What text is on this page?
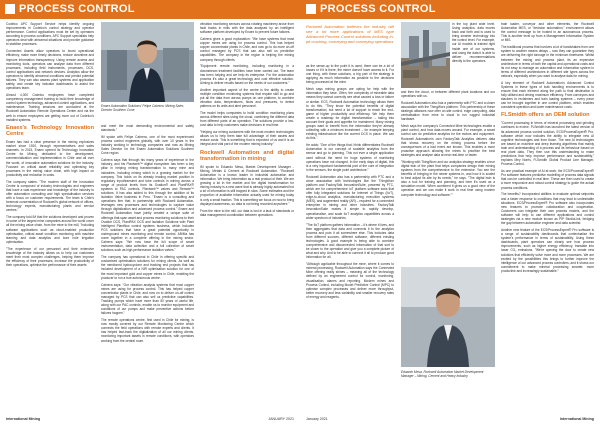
PROCESS CONTROL

Codelco APC Support Service helps identify ongoing improvements in Codelco's control strategy and operator performance. Control applications must be set by operators according to process conditions. APC Support specialists help operators deal with abnormal situations and provide guidance to stabilize processes.

Connected Assets allow operators to boost operational efficiency, make more timely decisions, reduce downtime and improve information transparency. Using remote access and monitoring tools, operators can analyse data from different processes, including field instruments, processes, DCS, control applications and network devices. Analytics allow the operators to identify abnormal conditions and predict potential failures. They can also assess plant systems and application safety, and create key indicator dashboards to assist the operations team.

Almost 4,000 Codelco employees have completed competency management training to build their knowledge of control system technology, advanced control applications, and maintenance. Training sessions are conducted at the Rockwell Automation Remote Operations Center and via the web to ensure employees are getting more out of Codelco's installed systems.

Enaex's Technology Innovation Centre

Enaex has had a clear presence in the mining explosives market since 1920, through representatives and sales channels. In 2015, Enaex opened its Technology Innovation Centre for Mining, dedicated to the development, commercialization and implementation in Chile and all over the world, of innovative automation solutions for the industry. Focused on critical asset reliability and optimising key processes in the mining value chain, with high impact on productivity and reduction in costs.

The company states: "The modern staff of the Innovation Centre is composed of industry technologists and engineers that have a vast experience and knowledge of the industry to offer automation consulting and high specialisation services with a focus on customer requirements. The team is Chile's foremost concentration of Rockwell's global network of offices, technology experts, manufacturing plants and service centres."

The company told IM that the solutions developed and proven in some of the largest mine companies around the world cover all the mining value chain, from the mine to the mill, "including software applications such as cloud-enabled production optimisation, critical asset condition monitoring with machine learning and data analytics and bore hole irrigation optimisation.

"The experience of our personnel and their extensive knowledge of the industry allows us to help our customers meet their most complex challenges, helping them improve the efficiency of their processes, increase the productivity of their operations, optimise the performance of their assets

and meet the most demanding environmental and safety standards."

IM spoke with Felipe Cabrera, one of the most experienced process control engineers globally, with over 10 years in the industry working in technology companies and now as Mining Sales Director for the Enaex Automation Solutions Southern Cone region.

Cabrera says that through his many years of experience in the industry, and his Plantweb™ digital ecosystem has been a key pillar in helping mining transformation to many mine and industries, including mining which is a growing market for the company. This holds on its already leading market position in regulatory input/transient and tube controls in mining across a range of product levels from its Ovation® and PlantPAX® systems to PAC controls, Plantweb™ valves and Remote™ solutions. It has also added to this through the addition of its Isolation Valve business in Peru. "Enaex is a consulting and operations firm that, in partnership with Rockwell Automation, leverages new processes and technologies to capture value through digitalization and advanced process control." Enaex and Rockwell Automation have jointly created a unique suite of offerings that span asset and process monitoring solutions to their Ovation DCS, PlantPAX DCS and Isolation Solutions with Plant Intelligent Plantflow control systems business, which includes PCS solutions that have a great potential opportunity in underground mines monitoring and remote control. AB/Ma has come together in a complete offering in the mining sector. Cabrera says: "We now have the full scope of smart instrumentation, data collection and a full collection of smart solutions such as high performance isolation valves."

The company has operational in Chile in offering specific and customised optimisation solutions for mining clients. As well as the mentioned hydrocyclone and tracking end projects that has included development of a NIR optimisation solution for one of the most important gold and copper mines in Chile, enabling the producer to run a true autonomous centre.

Cabrera says: "Our vibration analysis systems that most copper mines are using for process control. This has helped copper concentrator plants in Chile, and now on to deliver on-off control managed by PCS that can also sell us predictive capabilities. Tracking pumps which have more than 50 years of useful life, along with our PAC controls, enable us to monitor equipment and conditions of our pumps and make preventive actions before failures happen."

The remote operations centre, first used in Chile for mining, is now mostly covered by our Remote Monitoring Centre which connects the field operations with remote experts and clients. It has helped fast-track the digitalization of all our mining clients, monitoring important assets in remote conditions, with operators working from the central room.

vibration monitoring sensors across rotating machinery arose from fault tracks in mills with the data analysed by an intelligent software platform developed by Enaex to prevent future failures.

Cabrera gives a good explanation: "We have systems that most copper mines are using for process control. This has helped copper concentrator plants in Chile, and now go to do more on-off control managed by PCS that can also sell us predictive capabilities. The company in the region is helping the mining company through clients.

"Equipment remote monitoring, including monitoring in a downstream treatment facilities have been carried out. The team has been helping and we help its enterprise. For the automation process it's also a great technology and cost effective solution. Aiming to deliver results based on the needs of our customers."

Another important aspect of the centre is the ability to create multiple condition monitoring systems that require skill to go and put all the data from across pumps on one platform, to combine vibration data, temperatures, flows and pressures, to detect patterns on its units and alert personnel.

The model helps companies to build condition monitoring plans across different sites using the cloud, combining the different data from different parts of an operation. The solutions provide a low-cost data to help customers make decisions in real time.

"Helping our mining customers with the most modern technologies allows us to help them take full advantage of their assets and reduce costs. This is something that is expected of us and it is an integral and vital part of the modern mining industry."

Rockwell Automation and digital transformation in mining

IM spoke to Eduardo Mesa, Market Development Manager - Mining, Metals & Cement at Rockwell Automation. "Rockwell Automation is a known leader in industrial automation and information. We bring information as a real product of their. We are growing a lot in the market and the digital transformation for mining industry is a new wave that is already highly automated but a lot of information is still trapped in silos. Some estimates and the proportion of available information actually used for mining today is only a small fraction. This is something we focus on now to bring displayed awareness, so data is not being recorded anywhere."

From the mine to the mill, our data is lost in a lack of standards or data management coordination between operations.

Enaex Automation Solutions' Felipe Cabrera, Mining Sales Director Southern Cone
International Mining	JANUARY 2021
PROCESS CONTROL
Rockwell Automation believes the industry will see a lot more applications of MES type Advanced Process Control solutions including in-pit crushing, conveying and conveying operations

as the sense-up to the point it is used, there can be a lot of losses or if it is there, the miner doesn't have access to it. For one thing, with these solutions, a big part of the strategy is applying as much information as possible to the decisions being processed at the mine.

Mesh says mining groups are opting for help with the information they have. Often, the complexity of mineable data means they cannot correctly see what caused a loss or failure or similar. ECS, Rockwell Automation technology allows them to do this. "They know the potential benefits of digital transformation, but need a lot of support to reach the end-game of higher productivity and efficiency. We help them create a roadmap for digital transformation – taking into account their goals and appetite for investment. Many mining groups want to benefit from the information they're already collecting with a minimum investment – for example keeping existing infrastructure like the current DCS in place. We can do this."

He adds: "One of the things that I think differentiates Rockwell Automation is our concept of scalable analytics from the sensor and go to planning. This not ever a single application used without the need for huge systems of monitoring operations have not changed. In the early days of digital, this is a very important fundamental part of the core of integration in the sensors, the single point architecture."

Rockwell Automation also has a partnership with PTC and a close association with technologies like the ThingWorx platform and FactoryTalk InnovationSuite, powered by PTC, which are for comprehensive IoT platform software tools that offer fully integrated solutions for Internet of Things (IIoT), edge-to-cloud analytics, manufacturing execution systems (MES), and augmented reality (AR) – required for a connected enterprise in mining and other industries. FactoryTalk InnovationSuite makes it simple to rapidly develop, operationalise, and scale IIoT analytics capabilities across a wider spectrum of industries.

"The IIoT platform gathers information – it's where it lives, and then aggregates that data and connects it to the analytics process and puts it all somewhere else. This includes data from different sources, different software, different existing technologies. A good example is being able to combine comprehensive and disconnected information of that sort to be closer to the operation and give you a complete picture of what and why. And to be able to connect it all to produce good information for all.

"Although applicable throughout the mine, where it comes to mineral processing, Rockwell Automation says the Connected Mine offering really shines – meaning all of the technology defined by an engineered control for control, monitoring, visualisation, alarms and reporting. Modern mines and Process Control, including Model Predictive Control (MPC) to optimise complex processes and deliver more throughput, better recovery and less variability and smaller recovery rates of energy and reagents.

in the top plant wide level. Using analytics, data moves back and forth and is used to bring smarter technology into the control level. For example, our AI models is trained right inside one of our systems, and using the data it is able to deliver recommendations directly to the operators.

and then the cloud, or between different plant locations and our operations with us.

Rockwell Automation also has a partnership with PTC and a closer association with the ThingWorx platform. This partnership of these strategic alliances now offer on-site control, edge computing, data centralisation from mine to cloud to run rugged industrial hardware.

Mesh says the company's Connected Mine technologies enable a plant control, and how data moves around. For example, a smart control can do predictive analytics for the motors and equipment. Rockwell Automation's own FactoryTalk Analytics delivers data that shows recovery on the mining process before the consequences of a bad event are known. This enables a more proactive approach allowing the mines to prioritize the best strategies and analyse data at near real-time or faster.

"Working with ThingWorx and our analytics strategy enables a true digital twin of the plant that helps companies design their mining systems from the comprehensive to the extensive. You see the benefits of bringing in the newer systems in, and how it is scaled to best adjust its site by its needs," he says. "The digital twin is also a tool for training and planning, and here it's used as a simulation model. When combined it gives us a good view of the operation and we can make it work in real time using modern computer technology and software.""

Eduardo Mesa, Rockwell Automation Market Development Manager – Mining, Cement and Heavy Industry

train loader, conveyor and other elements, the Rockwell Automation MES, or "decision automation," environment allows the control message to be hosted in an autonomous process. This is another level up from a Management Information System or MIS.

The traditional process that involves a lot of handshakes from one system to another means delays – now they can guarantee they are delivering the right tonnage in the minimum timeframe. Whilst between the mining and process plant, its an expensive architecture in terms of both the capital and operational costs and its not easy to manage an automation and information system in terms of different architectures in different site types across the network, especially when you want to analyse data for mining.

A key element of Rockwell Automation's Advanced Control Systems in these types of bulk handling environments is to ensure that each element along the path to final destination is fully utilised and driving maximum efficiency. From conveyors and stackers to reclaimers and train loading systems – every piece can be brought together in one control platform, which enables consistent operation and lower maintenance costs.

FLSmidth offers an OEM solution

"Current processing in terms of mineral processing and grinding continues to evolve. FLSmidth has launched the latest version of its advanced process control solution, ECS/ProcessExpert® Pro, software which now includes the ability to integrate new AI cognitive technologies and from those. The new AI technologies are based on machine and deep learning algorithms that mainly train and understanding of a process and its behaviour based on real plant data. They then use this understanding to make predictions that help improve performance and sustainability," explains Mey Norris, FLSmidth Global Product Line Manager, Process Control.

As one practical example of AI at work, the ECS/ProcessExpert® Pro software features predictive modelling of process data signals that can be controlled in real time. These are then used to create a more responsive and robust control strategy to guide the actual process conditions.

The benefits? Incorporated abilities to evaluate optimal setpoints and a faster response to conditions that may lead to undesirable situations. ECS/ProcessExpert® Pro software also incorporates new features to promote collaboration and cooperation. Customers can integrate their own process models, and the software will help to use different applications and control strategies via a new module known as PIP StudioLink, bridging the gap between automation engineer and data scientist.

Another new feature of the ECS/ProcessExpert® Pro software is a range of sustainability dashboards that contextualise the system's performance in terms of sustainability. Using these dashboards, plant operators can clearly see how process improvements, such as higher energy efficiency, translate into lower CO₂ emissions. "We're opening the door to create new solutions that efficiently solve more and more processes. We are excited by the possibilities this brings to further improve the intelligence of our advanced process controllers, and it shows our commitment to make mineral processing smarter, more productive and increasingly sustainable."

January 2021	International Mining
